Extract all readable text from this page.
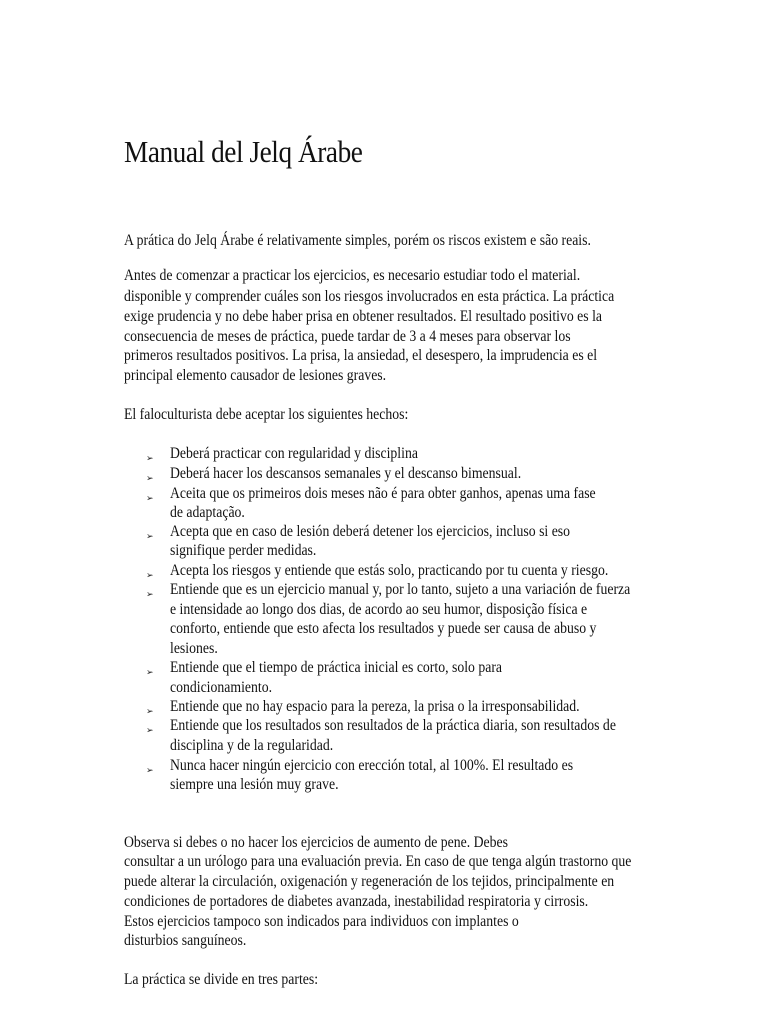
Manual del Jelq Árabe
A prática do Jelq Árabe é relativamente simples, porém os riscos existem e são reais.
Antes de comenzar a practicar los ejercicios, es necesario estudiar todo el material.
disponible y comprender cuáles son los riesgos involucrados en esta práctica. La práctica
exige prudencia y no debe haber prisa en obtener resultados. El resultado positivo es la
consecuencia de meses de práctica, puede tardar de 3 a 4 meses para observar los
primeros resultados positivos. La prisa, la ansiedad, el desespero, la imprudencia es el
principal elemento causador de lesiones graves.
El faloculturista debe aceptar los siguientes hechos:
➢ Deberá practicar con regularidad y disciplina
➢ Deberá hacer los descansos semanales y el descanso bimensual.
➢ Aceita que os primeiros dois meses não é para obter ganhos, apenas uma fase
de adaptação.
➢ Acepta que en caso de lesión deberá detener los ejercicios, incluso si eso
signifique perder medidas.
➢ Acepta los riesgos y entiende que estás solo, practicando por tu cuenta y riesgo.
➢ Entiende que es un ejercicio manual y, por lo tanto, sujeto a una variación de fuerza
e intensidade ao longo dos dias, de acordo ao seu humor, disposição física e
conforto, entiende que esto afecta los resultados y puede ser causa de abuso y
lesiones.
➢ Entiende que el tiempo de práctica inicial es corto, solo para
condicionamiento.
➢ Entiende que no hay espacio para la pereza, la prisa o la irresponsabilidad.
➢ Entiende que los resultados son resultados de la práctica diaria, son resultados de
disciplina y de la regularidad.
➢ Nunca hacer ningún ejercicio con erección total, al 100%. El resultado es
siempre una lesión muy grave.
Observa si debes o no hacer los ejercicios de aumento de pene. Debes
consultar a un urólogo para una evaluación previa. En caso de que tenga algún trastorno que
puede alterar la circulación, oxigenación y regeneración de los tejidos, principalmente en
condiciones de portadores de diabetes avanzada, inestabilidad respiratoria y cirrosis.
Estos ejercicios tampoco son indicados para individuos con implantes o
disturbios sanguíneos.
La práctica se divide en tres partes:
